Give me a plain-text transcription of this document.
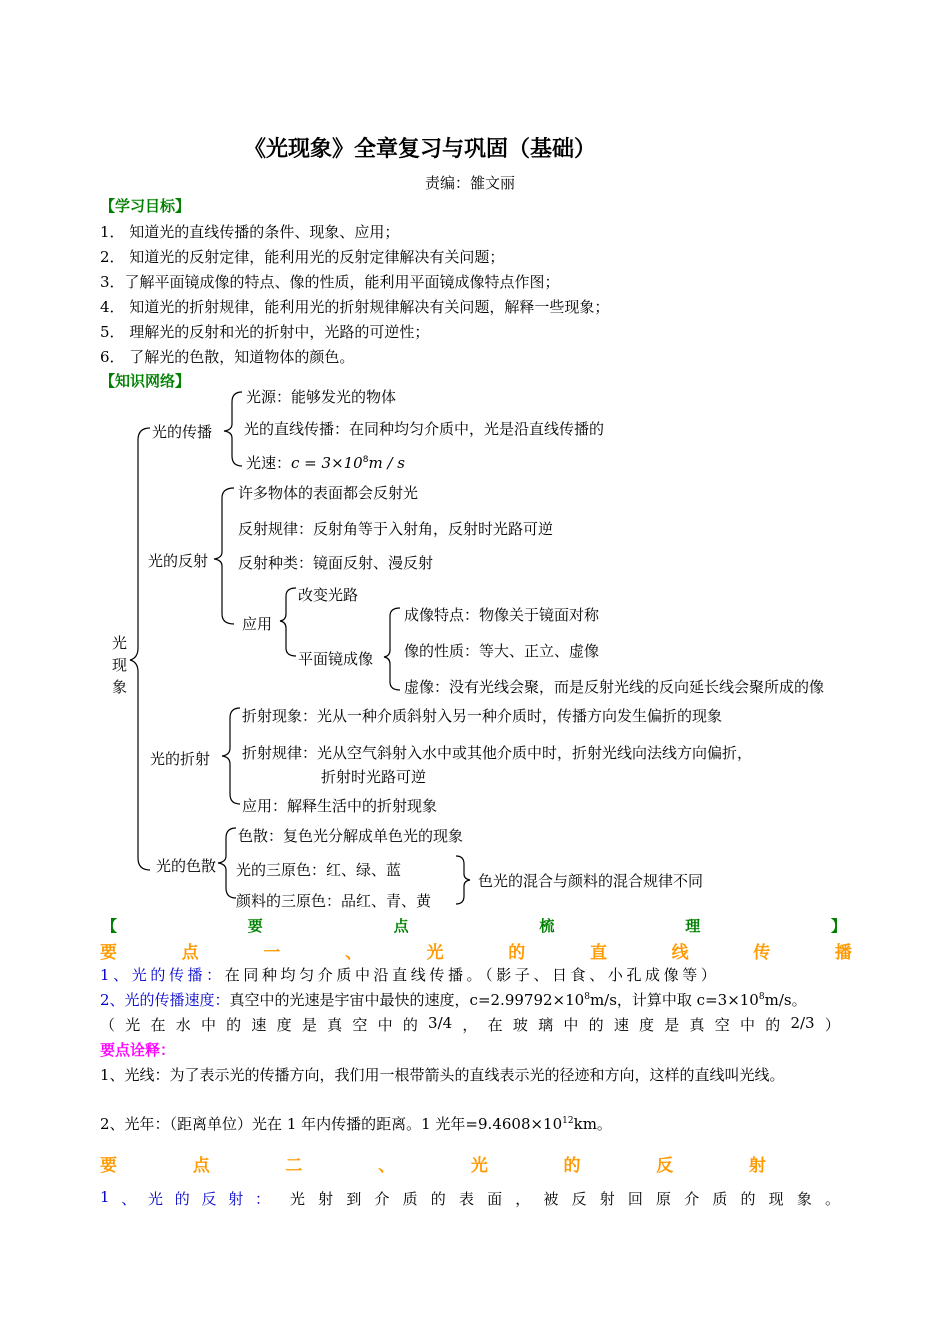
《光现象》全章复习与巩固（基础）
责编：雒文丽
【学习目标】
1． 知道光的直线传播的条件、现象、应用；
2． 知道光的反射定律，能利用光的反射定律解决有关问题；
3．了解平面镜成像的特点、像的性质，能利用平面镜成像特点作图；
4． 知道光的折射规律，能利用光的折射规律解决有关问题，解释一些现象；
5． 理解光的反射和光的折射中，光路的可逆性；
6． 了解光的色散，知道物体的颜色。
【知识网络】
光
现
象
光的传播
光源：能够发光的物体
光的直线传播：在同种均匀介质中，光是沿直线传播的
光速：$c = 3\times 10^8m / s$
光的反射
许多物体的表面都会反射光
反射规律：反射角等于入射角，反射时光路可逆
反射种类：镜面反射、漫反射
应用
改变光路
平面镜成像
成像特点：物像关于镜面对称
像的性质：等大、正立、虚像
虚像：没有光线会聚，而是反射光线的反向延长线会聚所成的像
光的折射
折射现象：光从一种介质斜射入另一种介质时，传播方向发生偏折的现象
折射规律：光从空气斜射入水中或其他介质中时，折射光线向法线方向偏折，
折射时光路可逆
应用：解释生活中的折射现象
光的色散
色散：复色光分解成单色光的现象
光的三原色：红、绿、蓝
颜料的三原色：品红、青、黄
色光的混合与颜料的混合规律不同
【	要	点	梳	理	】
要	点	一	、	光	的	直	线	传	播
1、光的传播：在同种均匀介质中沿直线传播。（影子、日食、小孔成像等）
2、光的传播速度：真空中的光速是宇宙中最快的速度，$c=2.99792\times 10^8m/s$，计算中取 $c=3\times 10^8m/s$。
（ 光 在 水 中 的 速 度 是 真 空 中 的 3/4 ， 在 玻 璃 中 的 速 度 是 真 空 中 的 2/3 ）
要点诠释：
1、光线：为了表示光的传播方向，我们用一根带箭头的直线表示光的径迹和方向，这样的直线叫光线。
2、光年：（距离单位）光在 1 年内传播的距离。1 光年$=9.4608\times 10^{12}km$。
要	点	二	、	光	的	反	射
1 、 光 的 反 射 ： 光 射 到 介 质 的 表 面 ， 被 反 射 回 原 介 质 的 现 象 。
